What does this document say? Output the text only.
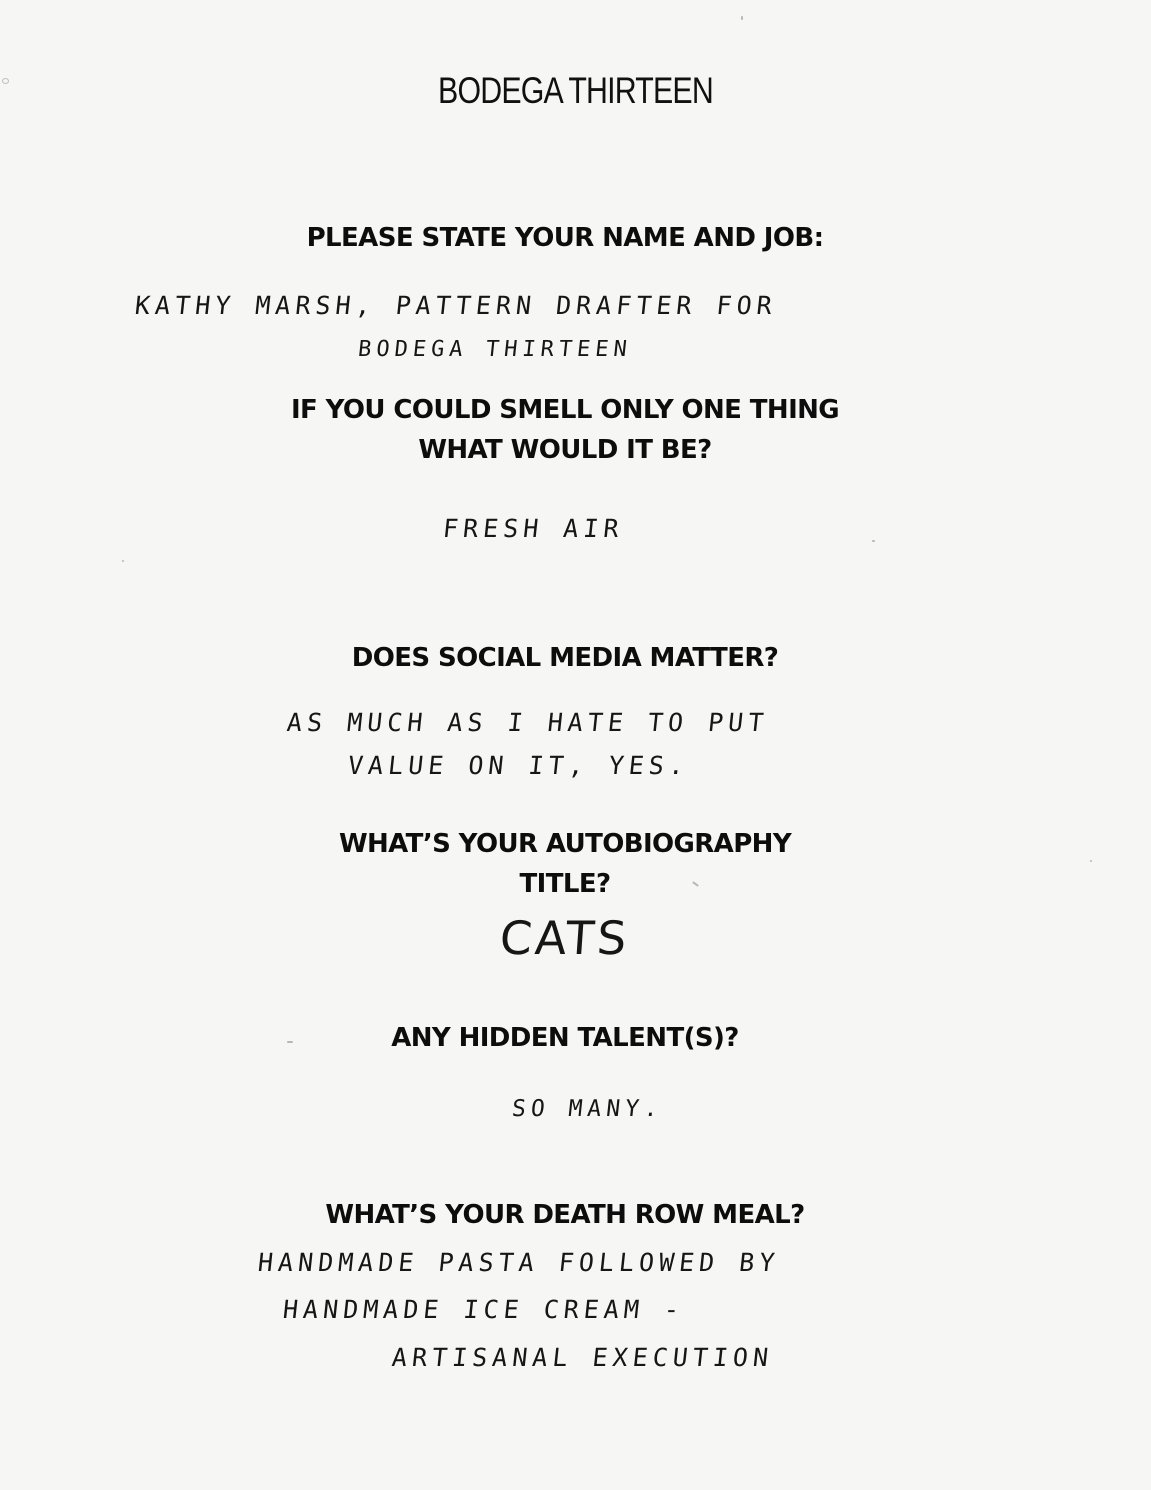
BODEGA THIRTEEN
PLEASE STATE YOUR NAME AND JOB:
KATHY MARSH, PATTERN DRAFTER FOR
BODEGA THIRTEEN
IF YOU COULD SMELL ONLY ONE THING
WHAT WOULD IT BE?
FRESH AIR
DOES SOCIAL MEDIA MATTER?
AS MUCH AS I HATE TO PUT
VALUE ON IT, YES.
WHAT’S YOUR AUTOBIOGRAPHY
TITLE?
CATS
ANY HIDDEN TALENT(S)?
SO MANY.
WHAT’S YOUR DEATH ROW MEAL?
HANDMADE PASTA FOLLOWED BY
HANDMADE ICE CREAM -
ARTISANAL EXECUTION
